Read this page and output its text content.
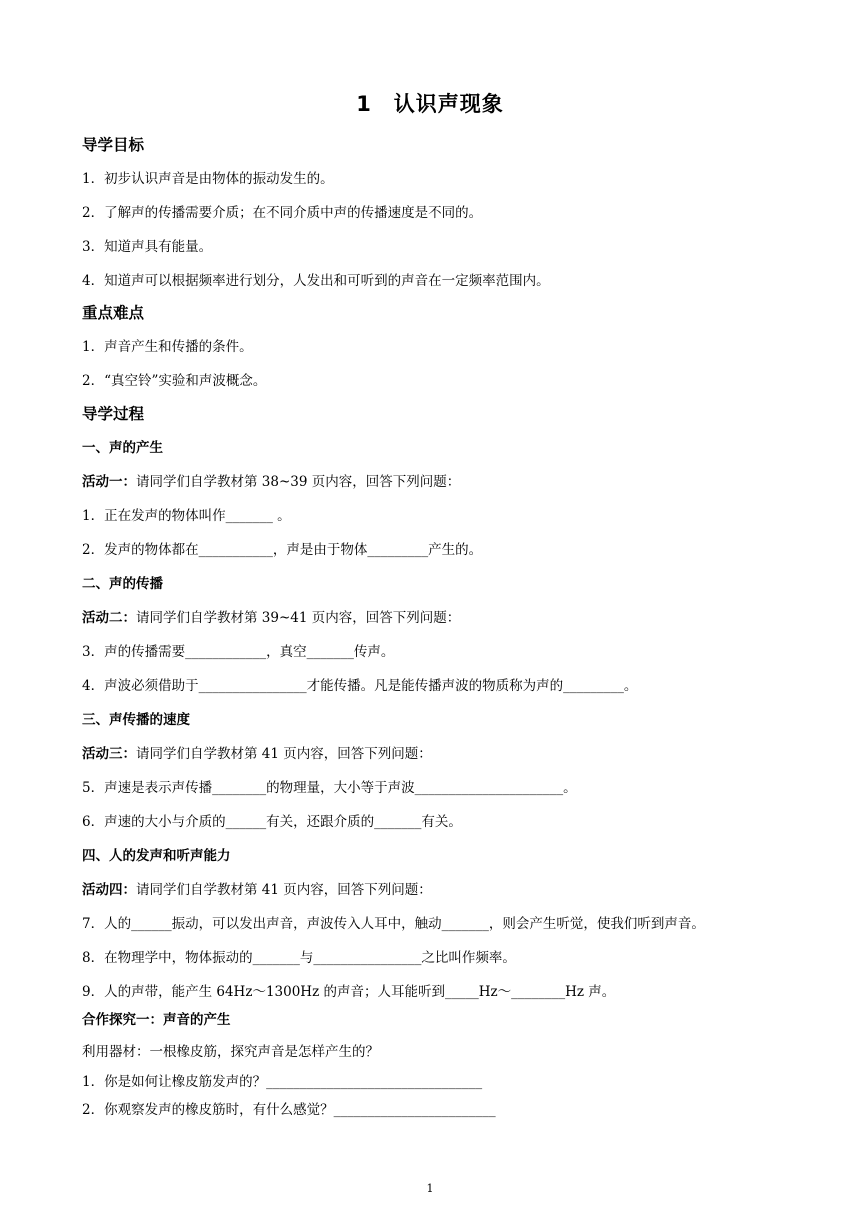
1　认识声现象
导学目标
1．初步认识声音是由物体的振动发生的。
2．了解声的传播需要介质；在不同介质中声的传播速度是不同的。
3．知道声具有能量。
4．知道声可以根据频率进行划分，人发出和可听到的声音在一定频率范围内。
重点难点
1．声音产生和传播的条件。
2．“真空铃”实验和声波概念。
导学过程
一、声的产生
活动一：请同学们自学教材第 38~39 页内容，回答下列问题：
1．正在发声的物体叫作_______ 。
2．发声的物体都在___________，声是由于物体_________产生的。
二、声的传播
活动二：请同学们自学教材第 39~41 页内容，回答下列问题：
3．声的传播需要____________，真空_______传声。
4．声波必须借助于________________才能传播。凡是能传播声波的物质称为声的_________。
三、声传播的速度
活动三：请同学们自学教材第 41 页内容，回答下列问题：
5．声速是表示声传播________的物理量，大小等于声波______________________。
6．声速的大小与介质的______有关，还跟介质的_______有关。
四、人的发声和听声能力
活动四：请同学们自学教材第 41 页内容，回答下列问题：
7．人的______振动，可以发出声音，声波传入人耳中，触动_______，则会产生听觉，使我们听到声音。
8．在物理学中，物体振动的_______与________________之比叫作频率。
9．人的声带，能产生 64Hz～1300Hz 的声音；人耳能听到_____Hz～________Hz 声。
合作探究一：声音的产生
利用器材：一根橡皮筋，探究声音是怎样产生的？
1．你是如何让橡皮筋发声的？________________________________
2．你观察发声的橡皮筋时，有什么感觉？________________________
1
